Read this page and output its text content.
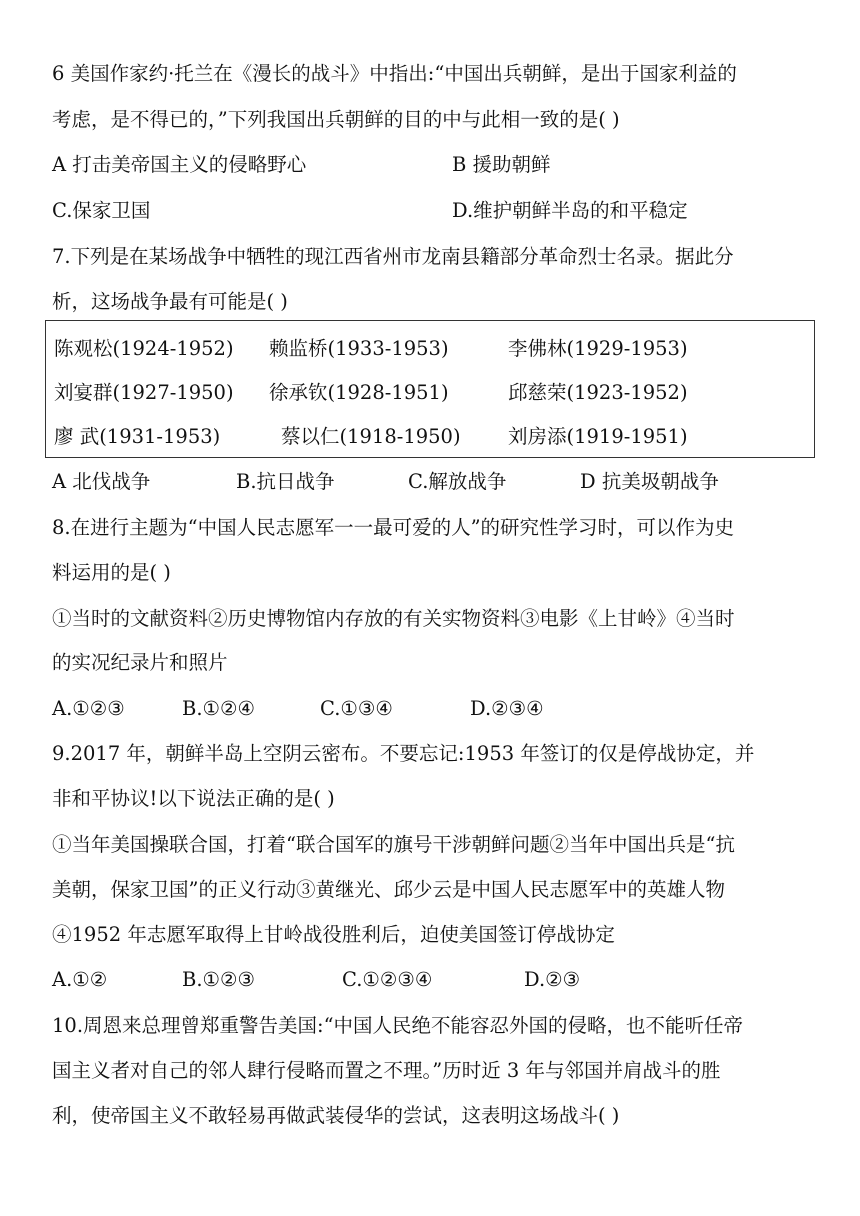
6 美国作家约·托兰在《漫长的战斗》中指出:“中国出兵朝鲜，是出于国家利益的
考虑，是不得已的，”下列我国出兵朝鲜的目的中与此相一致的是( )
A 打击美帝国主义的侵略野心	B 援助朝鲜
C.保家卫国	D.维护朝鲜半岛的和平稳定
7.下列是在某场战争中牺牲的现江西省州市龙南县籍部分革命烈士名录。据此分
析，这场战争最有可能是( )
陈观松(1924-1952) 赖监桥(1933-1953)	李佛林(1929-1953)
刘宴群(1927-1950) 徐承钦(1928-1951)	邱慈荣(1923-1952)
廖 武(1931-1953)	蔡以仁(1918-1950) 刘房添(1919-1951)
A 北伐战争	B.抗日战争	C.解放战争	D 抗美圾朝战争
8.在进行主题为“中国人民志愿军一一最可爱的人”的研究性学习时，可以作为史
料运用的是( )
①当时的文献资料②历史博物馆内存放的有关实物资料③电影《上甘岭》④当时
的实况纪录片和照片
A.①②③	B.①②④	C.①③④	D.②③④
9.2017 年，朝鲜半岛上空阴云密布。不要忘记:1953 年签订的仅是停战协定，并
非和平协议!以下说法正确的是( )
①当年美国操联合国，打着“联合国军的旗号干涉朝鲜问题②当年中国出兵是“抗
美朝，保家卫国”的正义行动③黄继光、邱少云是中国人民志愿军中的英雄人物
④1952 年志愿军取得上甘岭战役胜利后，迫使美国签订停战协定
A.①②	B.①②③	C.①②③④	D.②③
10.周恩来总理曾郑重警告美国:“中国人民绝不能容忍外国的侵略，也不能听任帝
国主义者对自己的邻人肆行侵略而置之不理。”历时近 3 年与邻国并肩战斗的胜
利，使帝国主义不敢轻易再做武装侵华的尝试，这表明这场战斗( )
